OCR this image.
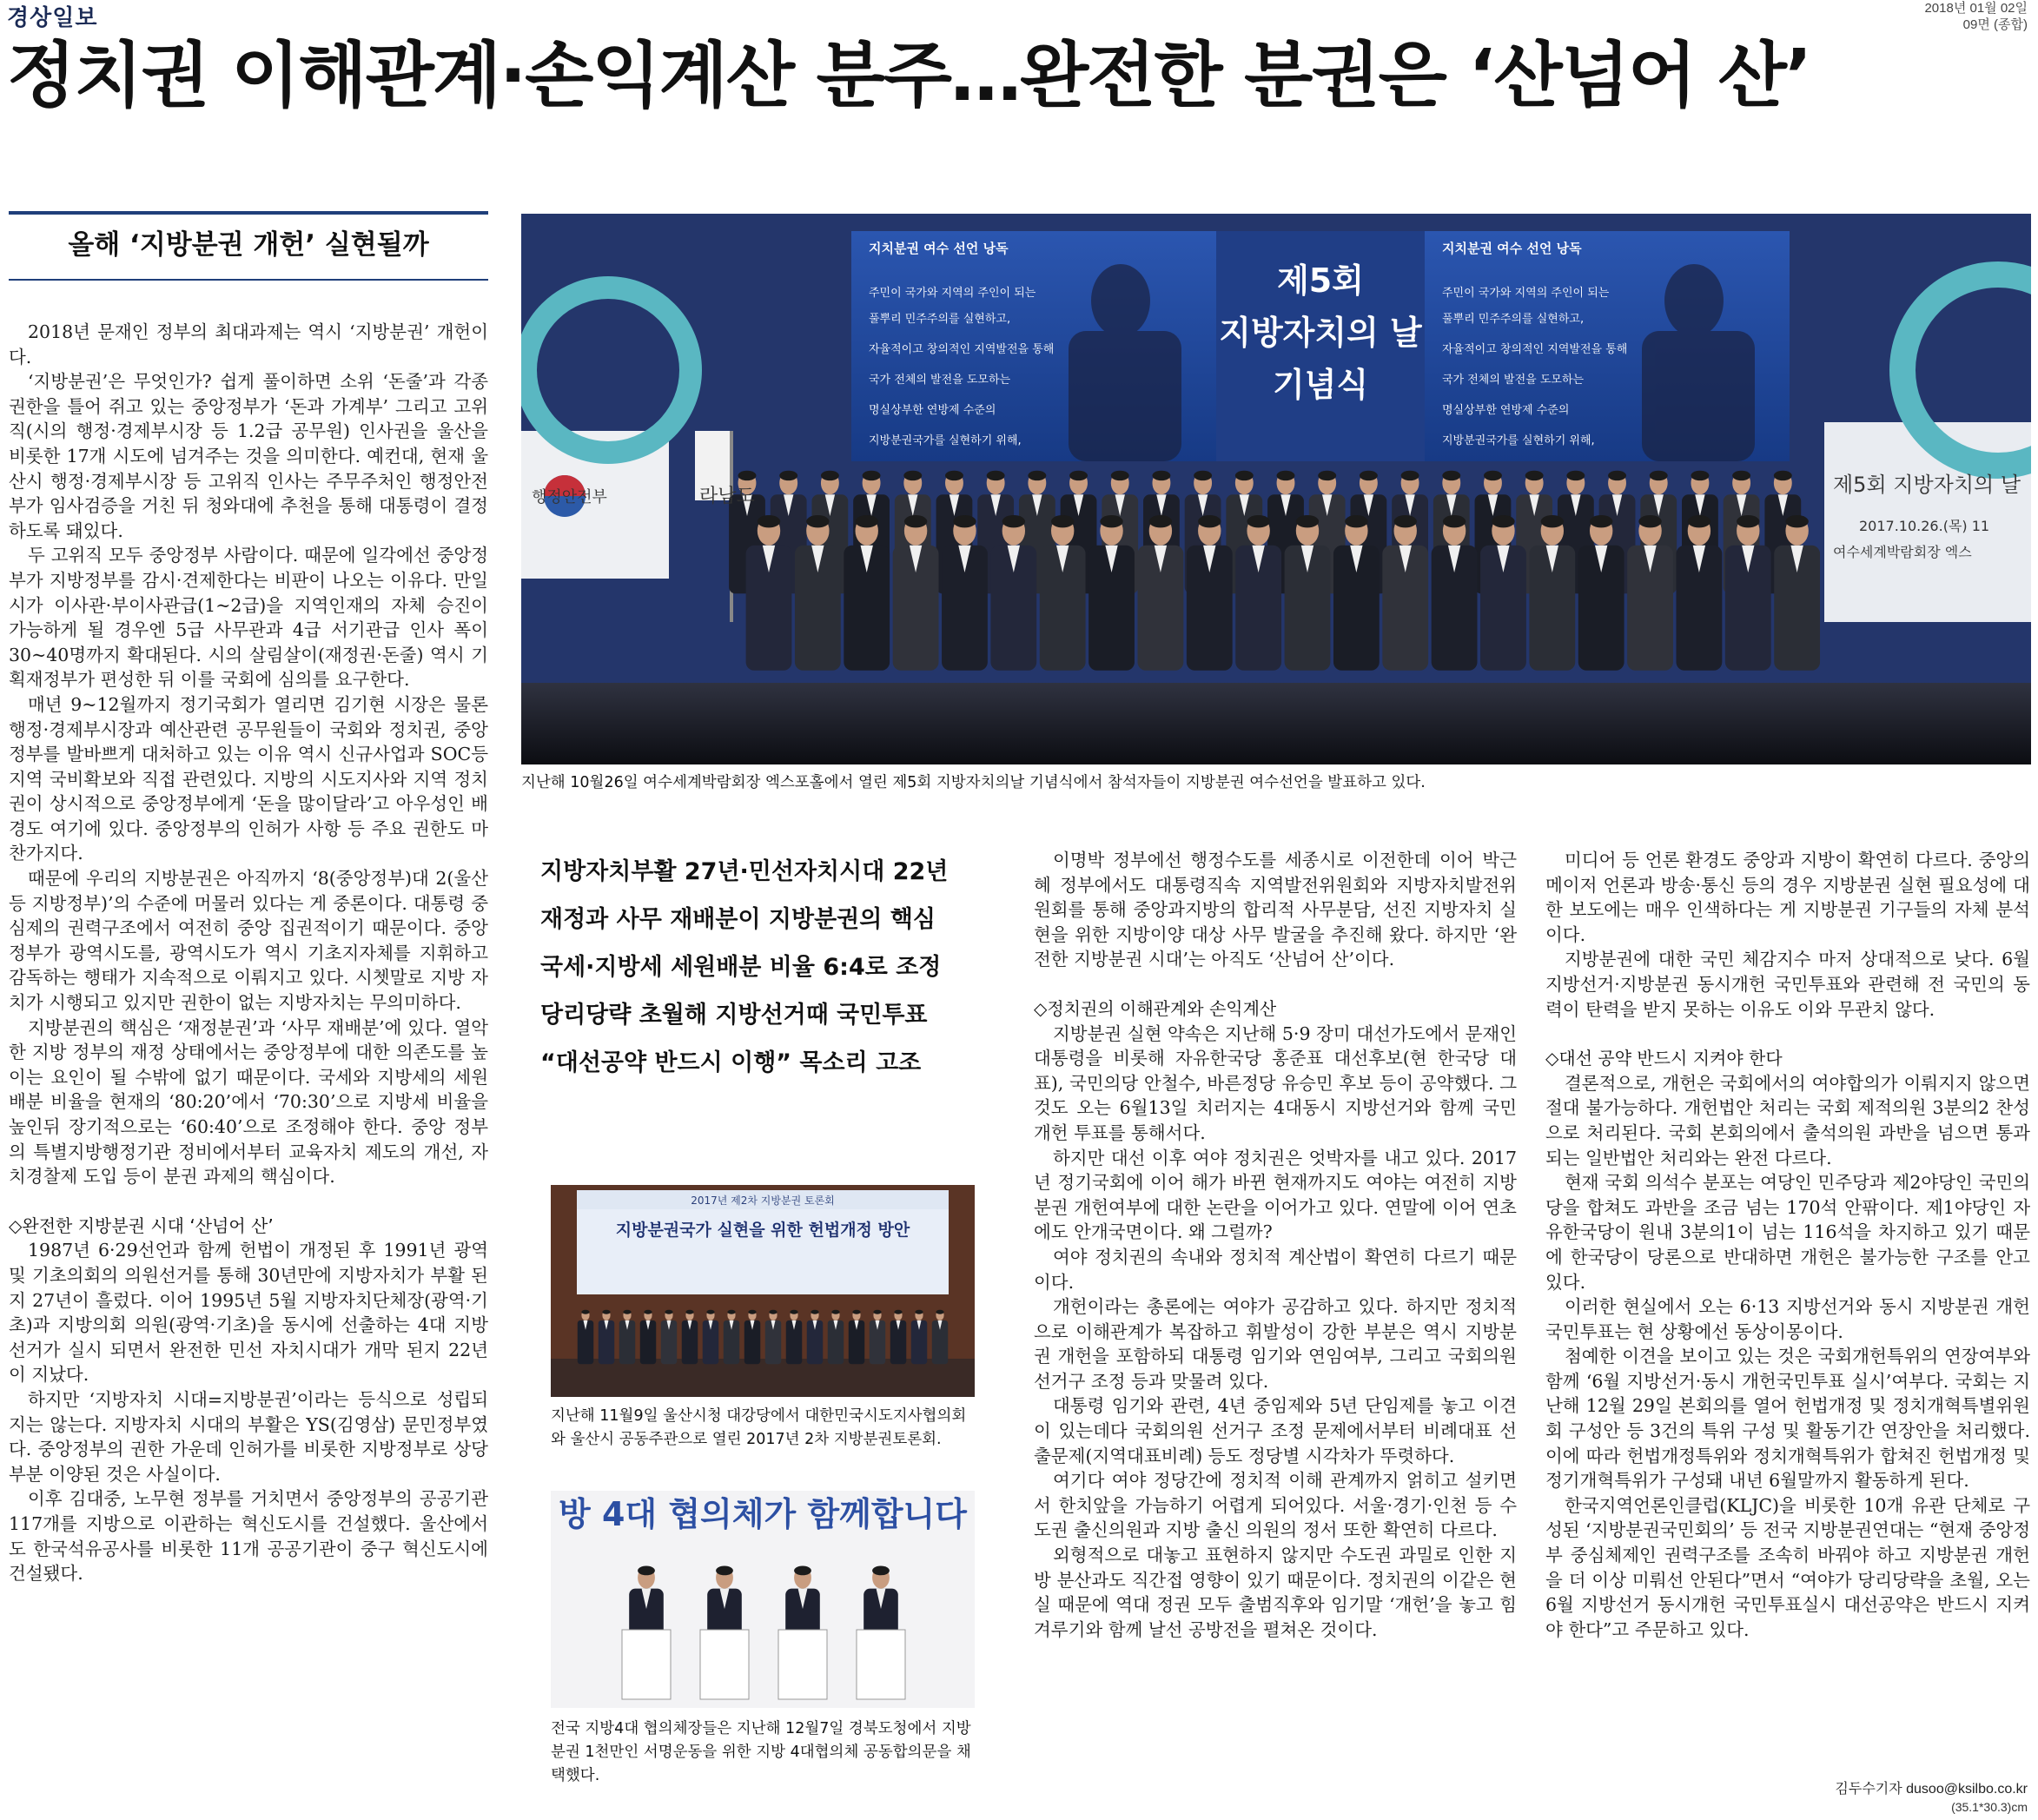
경상일보	2018년 01월 02일
09면 (종합)
정치권 이해관계·손익계산 분주…완전한 분권은 ‘산넘어 산’
올해 ‘지방분권 개헌’ 실현될까

2018년 문재인 정부의 최대과제는 역시 ‘지방분권’ 개헌이다.

‘지방분권’은 무엇인가? 쉽게 풀이하면 소위 ‘돈줄’과 각종 권한을 틀어 쥐고 있는 중앙정부가 ‘돈과 가계부’ 그리고 고위직(시의 행정·경제부시장 등 1.2급 공무원) 인사권을 울산을 비롯한 17개 시도에 넘겨주는 것을 의미한다. 예컨대, 현재 울산시 행정·경제부시장 등 고위직 인사는 주무주처인 행정안전부가 임사검증을 거친 뒤 청와대에 추천을 통해 대통령이 결정하도록 돼있다.

두 고위직 모두 중앙정부 사람이다. 때문에 일각에선 중앙정부가 지방정부를 감시·견제한다는 비판이 나오는 이유다. 만일 시가 이사관·부이사관급(1~2급)을 지역인재의 자체 승진이 가능하게 될 경우엔 5급 사무관과 4급 서기관급 인사 폭이 30~40명까지 확대된다. 시의 살림살이(재정권·돈줄) 역시 기획재정부가 편성한 뒤 이를 국회에 심의를 요구한다.

매년 9~12월까지 정기국회가 열리면 김기현 시장은 물론 행정·경제부시장과 예산관련 공무원들이 국회와 정치권, 중앙정부를 발바쁘게 대처하고 있는 이유 역시 신규사업과 SOC등 지역 국비확보와 직접 관련있다. 지방의 시도지사와 지역 정치권이 상시적으로 중앙정부에게 ‘돈을 많이달라’고 아우성인 배경도 여기에 있다. 중앙정부의 인허가 사항 등 주요 권한도 마찬가지다.

때문에 우리의 지방분권은 아직까지 ‘8(중앙정부)대 2(울산 등 지방정부)’의 수준에 머물러 있다는 게 중론이다. 대통령 중심제의 권력구조에서 여전히 중앙 집권적이기 때문이다. 중앙 정부가 광역시도를, 광역시도가 역시 기초지자체를 지휘하고 감독하는 행태가 지속적으로 이뤄지고 있다. 시쳇말로 지방 자치가 시행되고 있지만 권한이 없는 지방자치는 무의미하다.

지방분권의 핵심은 ‘재정분권’과 ‘사무 재배분’에 있다. 열악한 지방 정부의 재정 상태에서는 중앙정부에 대한 의존도를 높이는 요인이 될 수밖에 없기 때문이다. 국세와 지방세의 세원배분 비율을 현재의 ‘80:20’에서 ‘70:30’으로 지방세 비율을 높인뒤 장기적으로는 ‘60:40’으로 조정해야 한다. 중앙 정부의 특별지방행정기관 정비에서부터 교육자치 제도의 개선, 자치경찰제 도입 등이 분권 과제의 핵심이다.

◇완전한 지방분권 시대 ‘산넘어 산’

1987년 6·29선언과 함께 헌법이 개정된 후 1991년 광역 및 기초의회의 의원선거를 통해 30년만에 지방자치가 부활 된지 27년이 흘렀다. 이어 1995년 5월 지방자치단체장(광역·기초)과 지방의회 의원(광역·기초)을 동시에 선출하는 4대 지방선거가 실시 되면서 완전한 민선 자치시대가 개막 된지 22년이 지났다.

하지만 ‘지방자치 시대=지방분권’이라는 등식으로 성립되지는 않는다. 지방자치 시대의 부활은 YS(김영삼) 문민정부였다. 중앙정부의 권한 가운데 인허가를 비롯한 지방정부로 상당부분 이양된 것은 사실이다.

이후 김대중, 노무현 정부를 거치면서 중앙정부의 공공기관 117개를 지방으로 이관하는 혁신도시를 건설했다. 울산에서도 한국석유공사를 비롯한 11개 공공기관이 중구 혁신도시에 건설됐다.

지치분권 여수 선언 낭독
주민이 국가와 지역의 주인이 되는
풀뿌리 민주주의를 실현하고,
자율적이고 창의적인 지역발전을 통해
국가 전체의 발전을 도모하는
명실상부한 연방제 수준의
지방분권국가를 실현하기 위해,
지치분권 여수 선언 낭독
주민이 국가와 지역의 주인이 되는
풀뿌리 민주주의를 실현하고,
자율적이고 창의적인 지역발전을 통해
국가 전체의 발전을 도모하는
명실상부한 연방제 수준의
지방분권국가를 실현하기 위해,
제5회
지방자치의 날
기념식
행정안전부	라남도	제5회 지방자치의 날
2017.10.26.(목) 11
여수세계박람회장 엑스
지난해 10월26일 여수세계박람회장 엑스포홀에서 열린 제5회 지방자치의날 기념식에서 참석자들이 지방분권 여수선언을 발표하고 있다.
지방자치부활 27년·민선자치시대 22년
재정과 사무 재배분이 지방분권의 핵심
국세·지방세 세원배분 비율 6:4로 조정
당리당략 초월해 지방선거때 국민투표
“대선공약 반드시 이행” 목소리 고조
2017년 제2차 지방분권 토론회
지방분권국가 실현을 위한 헌법개정 방안
지난해 11월9일 울산시청 대강당에서 대한민국시도지사협의회와 울산시 공동주관으로 열린 2017년 2차 지방분권토론회.
방 4대 협의체가 함께합니다
전국 지방4대 협의체장들은 지난해 12월7일 경북도청에서 지방분권 1천만인 서명운동을 위한 지방 4대협의체 공동합의문을 채택했다.

이명박 정부에선 행정수도를 세종시로 이전한데 이어 박근혜 정부에서도 대통령직속 지역발전위원회와 지방자치발전위원회를 통해 중앙과지방의 합리적 사무분담, 선진 지방자치 실현을 위한 지방이양 대상 사무 발굴을 추진해 왔다. 하지만 ‘완전한 지방분권 시대’는 아직도 ‘산넘어 산’이다.

◇정치권의 이해관계와 손익계산

지방분권 실현 약속은 지난해 5·9 장미 대선가도에서 문재인 대통령을 비롯해 자유한국당 홍준표 대선후보(현 한국당 대표), 국민의당 안철수, 바른정당 유승민 후보 등이 공약했다. 그것도 오는 6월13일 치러지는 4대동시 지방선거와 함께 국민 개헌 투표를 통해서다.

하지만 대선 이후 여야 정치권은 엇박자를 내고 있다. 2017년 정기국회에 이어 해가 바뀐 현재까지도 여야는 여전히 지방분권 개헌여부에 대한 논란을 이어가고 있다. 연말에 이어 연초에도 안개국면이다. 왜 그럴까?

여야 정치권의 속내와 정치적 계산법이 확연히 다르기 때문이다.

개헌이라는 총론에는 여야가 공감하고 있다. 하지만 정치적으로 이해관계가 복잡하고 휘발성이 강한 부분은 역시 지방분권 개헌을 포함하되 대통령 임기와 연임여부, 그리고 국회의원 선거구 조정 등과 맞물려 있다.

대통령 임기와 관련, 4년 중임제와 5년 단임제를 놓고 이견이 있는데다 국회의원 선거구 조정 문제에서부터 비례대표 선출문제(지역대표비례) 등도 정당별 시각차가 뚜렷하다.

여기다 여야 정당간에 정치적 이해 관계까지 얽히고 설키면서 한치앞을 가늠하기 어렵게 되어있다. 서울·경기·인천 등 수도권 출신의원과 지방 출신 의원의 정서 또한 확연히 다르다.

외형적으로 대놓고 표현하지 않지만 수도권 과밀로 인한 지방 분산과도 직간접 영향이 있기 때문이다. 정치권의 이같은 현실 때문에 역대 정권 모두 출범직후와 임기말 ‘개헌’을 놓고 힘겨루기와 함께 날선 공방전을 펼쳐온 것이다.

미디어 등 언론 환경도 중앙과 지방이 확연히 다르다. 중앙의 메이저 언론과 방송·통신 등의 경우 지방분권 실현 필요성에 대한 보도에는 매우 인색하다는 게 지방분권 기구들의 자체 분석이다.

지방분권에 대한 국민 체감지수 마저 상대적으로 낮다. 6월지방선거·지방분권 동시개헌 국민투표와 관련해 전 국민의 동력이 탄력을 받지 못하는 이유도 이와 무관치 않다.

◇대선 공약 반드시 지켜야 한다

결론적으로, 개헌은 국회에서의 여야합의가 이뤄지지 않으면 절대 불가능하다. 개헌법안 처리는 국회 제적의원 3분의2 찬성으로 처리된다. 국회 본회의에서 출석의원 과반을 넘으면 통과되는 일반법안 처리와는 완전 다르다.

현재 국회 의석수 분포는 여당인 민주당과 제2야당인 국민의당을 합쳐도 과반을 조금 넘는 170석 안팎이다. 제1야당인 자유한국당이 원내 3분의1이 넘는 116석을 차지하고 있기 때문에 한국당이 당론으로 반대하면 개헌은 불가능한 구조를 안고 있다.

이러한 현실에서 오는 6·13 지방선거와 동시 지방분권 개헌 국민투표는 현 상황에선 동상이몽이다.

첨예한 이견을 보이고 있는 것은 국회개헌특위의 연장여부와 함께 ‘6월 지방선거·동시 개헌국민투표 실시’여부다. 국회는 지난해 12월 29일 본회의를 열어 헌법개정 및 정치개혁특별위원회 구성안 등 3건의 특위 구성 및 활동기간 연장안을 처리했다. 이에 따라 헌법개정특위와 정치개혁특위가 합쳐진 헌법개정 및 정기개혁특위가 구성돼 내년 6월말까지 활동하게 된다.

한국지역언론인클럽(KLJC)을 비롯한 10개 유관 단체로 구성된 ‘지방분권국민회의’ 등 전국 지방분권연대는 “현재 중앙정부 중심체제인 권력구조를 조속히 바꿔야 하고 지방분권 개헌을 더 이상 미뤄선 안된다”면서 “여야가 당리당략을 초월, 오는 6월 지방선거 동시개헌 국민투표실시 대선공약은 반드시 지켜야 한다”고 주문하고 있다.

김두수기자 dusoo@ksilbo.co.kr
(35.1*30.3)cm
